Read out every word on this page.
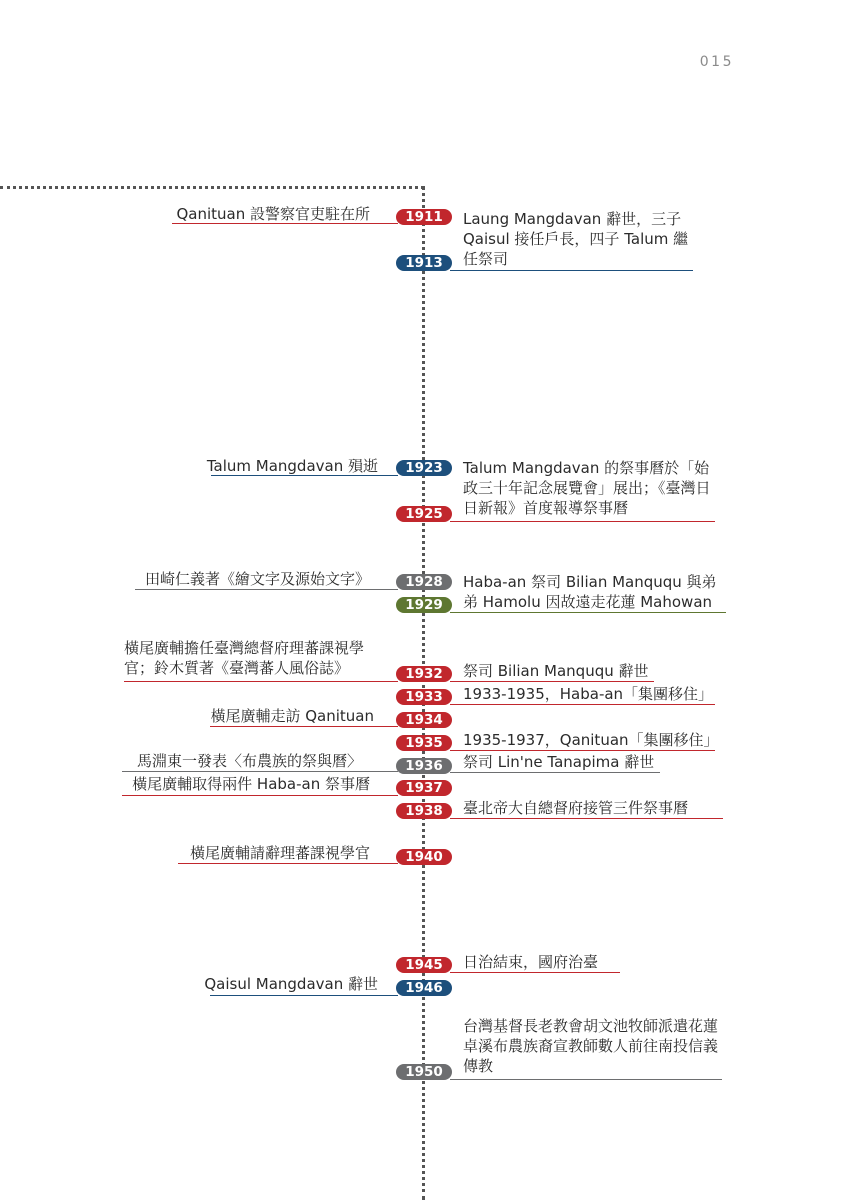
015
1911
1913
1923
1925
1928
1929
1932
1933
1934
1935
1936
1937
1938
1940
1945
1946
1950
Qanituan 設警察官吏駐在所
Talum Mangdavan 殞逝
田崎仁義著《繪文字及源始文字》
橫尾廣輔擔任臺灣總督府理蕃課視學官；鈴木質著《臺灣蕃人風俗誌》
橫尾廣輔走訪 Qanituan
馬淵東一發表〈布農族的祭與曆〉
橫尾廣輔取得兩件 Haba-an 祭事曆
橫尾廣輔請辭理蕃課視學官
Qaisul Mangdavan 辭世
Laung Mangdavan 辭世，三子 Qaisul 接任戶長，四子 Talum 繼任祭司
Talum Mangdavan 的祭事曆於「始政三十年記念展覽會」展出；《臺灣日日新報》首度報導祭事曆
Haba-an 祭司 Bilian Manququ 與弟弟 Hamolu 因故遠走花蓮 Mahowan
祭司 Bilian Manququ 辭世
1933-1935，Haba-an「集團移住」
1935-1937，Qanituan「集團移住」
祭司 Lin'ne Tanapima 辭世
臺北帝大自總督府接管三件祭事曆
日治結束，國府治臺
台灣基督長老教會胡文池牧師派遣花蓮卓溪布農族裔宣教師數人前往南投信義傳教
